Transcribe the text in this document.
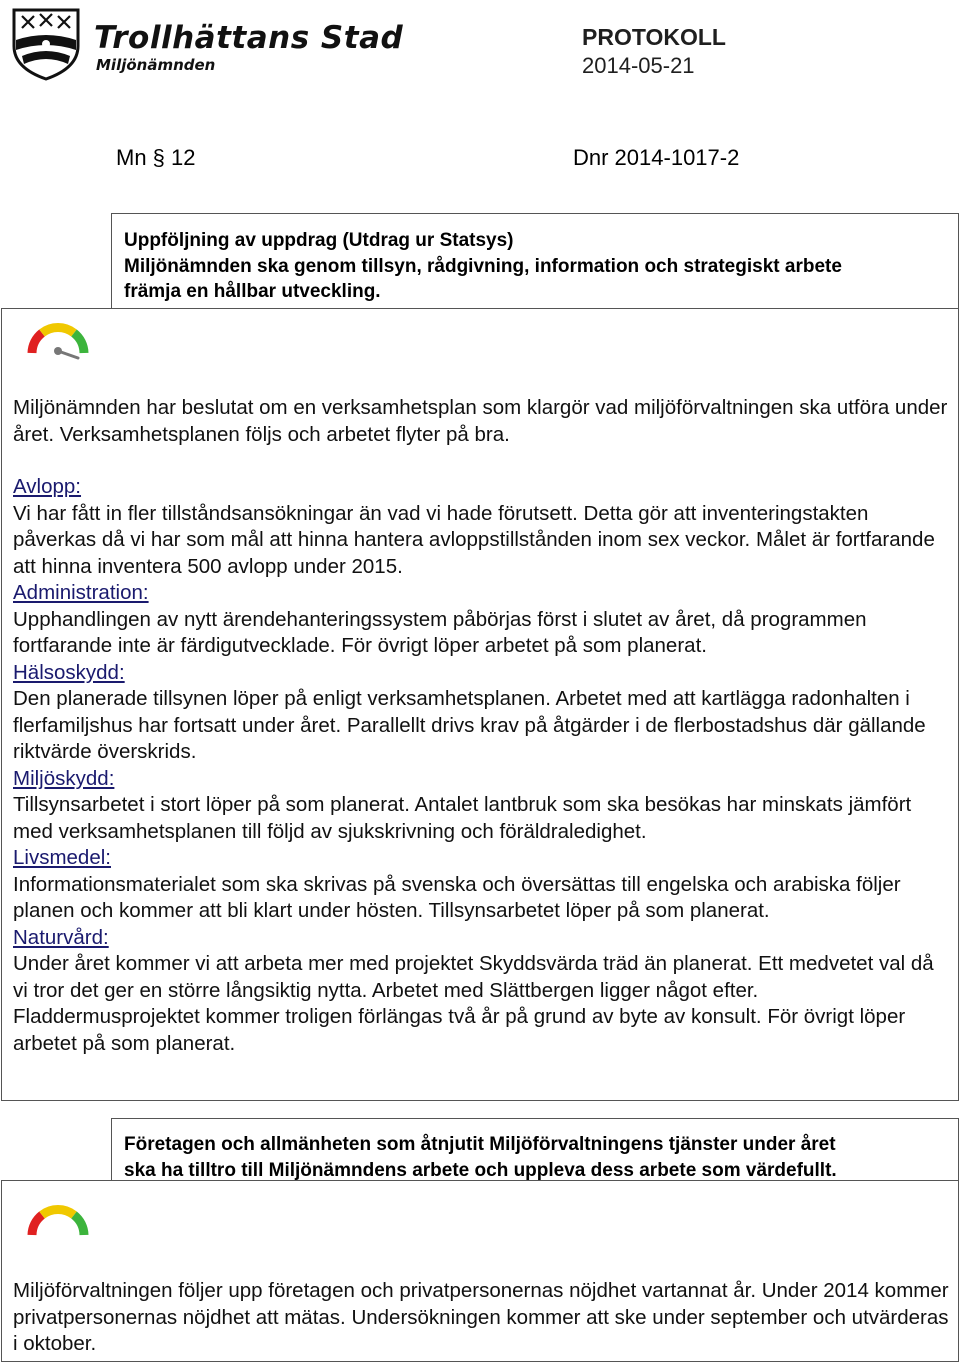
Trollhättans Stad
Miljönämnden
PROTOKOLL
2014-05-21
Mn § 12	Dnr 2014-1017-2
Uppföljning av uppdrag (Utdrag ur Statsys)
Miljönämnden ska genom tillsyn, rådgivning, information och strategiskt arbete
främja en hållbar utveckling.

Miljönämnden har beslutat om en verksamhetsplan som klargör vad miljöförvaltningen ska utföra under året. Verksamhetsplanen följs och arbetet flyter på bra.

Avlopp:

Vi har fått in fler tillståndsansökningar än vad vi hade förutsett. Detta gör att inventeringstakten påverkas då vi har som mål att hinna hantera avloppstillstånden inom sex veckor. Målet är fortfarande att hinna inventera 500 avlopp under 2015.

Administration:

Upphandlingen av nytt ärendehanteringssystem påbörjas först i slutet av året, då programmen fortfarande inte är färdigutvecklade. För övrigt löper arbetet på som planerat.

Hälsoskydd:

Den planerade tillsynen löper på enligt verksamhetsplanen. Arbetet med att kartlägga radonhalten i flerfamiljshus har fortsatt under året. Parallellt drivs krav på åtgärder i de flerbostadshus där gällande riktvärde överskrids.

Miljöskydd:

Tillsynsarbetet i stort löper på som planerat. Antalet lantbruk som ska besökas har minskats jämfört med verksamhetsplanen till följd av sjukskrivning och föräldraledighet.

Livsmedel:

Informationsmaterialet som ska skrivas på svenska och översättas till engelska och arabiska följer planen och kommer att bli klart under hösten. Tillsynsarbetet löper på som planerat.

Naturvård:

Under året kommer vi att arbeta mer med projektet Skyddsvärda träd än planerat. Ett medvetet val då vi tror det ger en större långsiktig nytta. Arbetet med Slättbergen ligger något efter. Fladdermusprojektet kommer troligen förlängas två år på grund av byte av konsult. För övrigt löper arbetet på som planerat.

Företagen och allmänheten som åtnjutit Miljöförvaltningens tjänster under året
ska ha tilltro till Miljönämndens arbete och uppleva dess arbete som värdefullt.

Miljöförvaltningen följer upp företagen och privatpersonernas nöjdhet vartannat år. Under 2014 kommer privatpersonernas nöjdhet att mätas. Undersökningen kommer att ske under september och utvärderas i oktober.
